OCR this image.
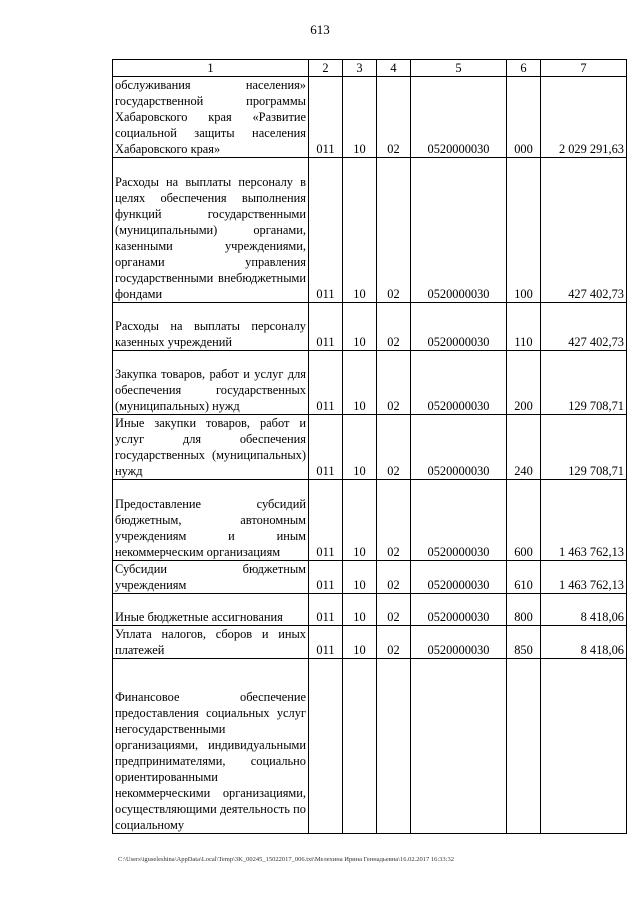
613
1	2	3	4	5	6	7
обслуживания населения» государственной программы Хабаровского края «Развитие социальной защиты населения Хабаровского края»	011	10	02	0520000030	000	2 029 291,63
Расходы на выплаты персоналу в целях обеспечения выполнения функций государственными (муниципальными) органами, казенными учреждениями, органами управления государственными внебюджетными фондами	011	10	02	0520000030	100	427 402,73
Расходы на выплаты персоналу казенных учреждений	011	10	02	0520000030	110	427 402,73
Закупка товаров, работ и услуг для обеспечения государственных (муниципальных) нужд	011	10	02	0520000030	200	129 708,71
Иные закупки товаров, работ и услуг для обеспечения государственных (муниципальных) нужд	011	10	02	0520000030	240	129 708,71
Предоставление субсидий бюджетным, автономным учреждениям и иным некоммерческим организациям	011	10	02	0520000030	600	1 463 762,13
Субсидии бюджетным учреждениям	011	10	02	0520000030	610	1 463 762,13
Иные бюджетные ассигнования	011	10	02	0520000030	800	8 418,06
Уплата налогов, сборов и иных платежей	011	10	02	0520000030	850	8 418,06
Финансовое обеспечение предоставления социальных услуг негосударственными организациями, индивидуальными предпринимателями, социально ориентированными некоммерческими организациями, осуществляющими деятельность по социальному						
C:\Users\iguseleshina\AppData\Local\Temp\3K_00245_15022017_006.txt\Мелехина Ирина Геннадьевна\16.02.2017 16:33:32
